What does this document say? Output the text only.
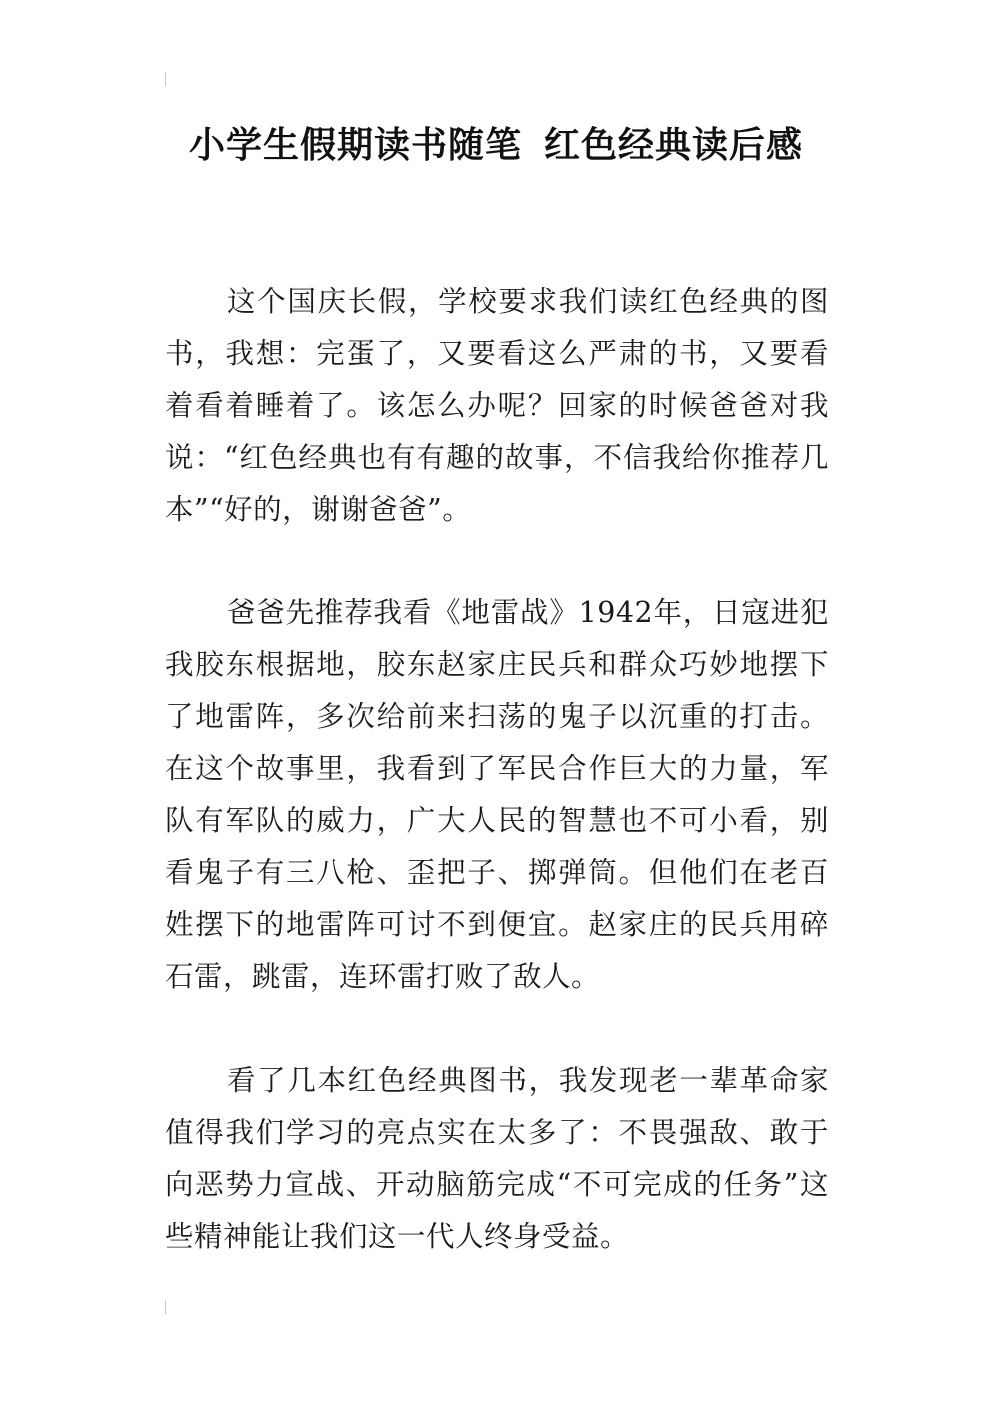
小学生假期读书随笔 红色经典读后感

这个国庆长假，学校要求我们读红色经典的图书，我想：完蛋了，又要看这么严肃的书，又要看着看着睡着了。该怎么办呢？回家的时候爸爸对我说：“红色经典也有有趣的故事，不信我给你推荐几本”“好的，谢谢爸爸”。

爸爸先推荐我看《地雷战》1942年，日寇进犯我胶东根据地，胶东赵家庄民兵和群众巧妙地摆下了地雷阵，多次给前来扫荡的鬼子以沉重的打击。在这个故事里，我看到了军民合作巨大的力量，军队有军队的威力，广大人民的智慧也不可小看，别看鬼子有三八枪、歪把子、掷弹筒。但他们在老百姓摆下的地雷阵可讨不到便宜。赵家庄的民兵用碎石雷，跳雷，连环雷打败了敌人。

看了几本红色经典图书，我发现老一辈革命家值得我们学习的亮点实在太多了：不畏强敌、敢于向恶势力宣战、开动脑筋完成“不可完成的任务”这些精神能让我们这一代人终身受益。
